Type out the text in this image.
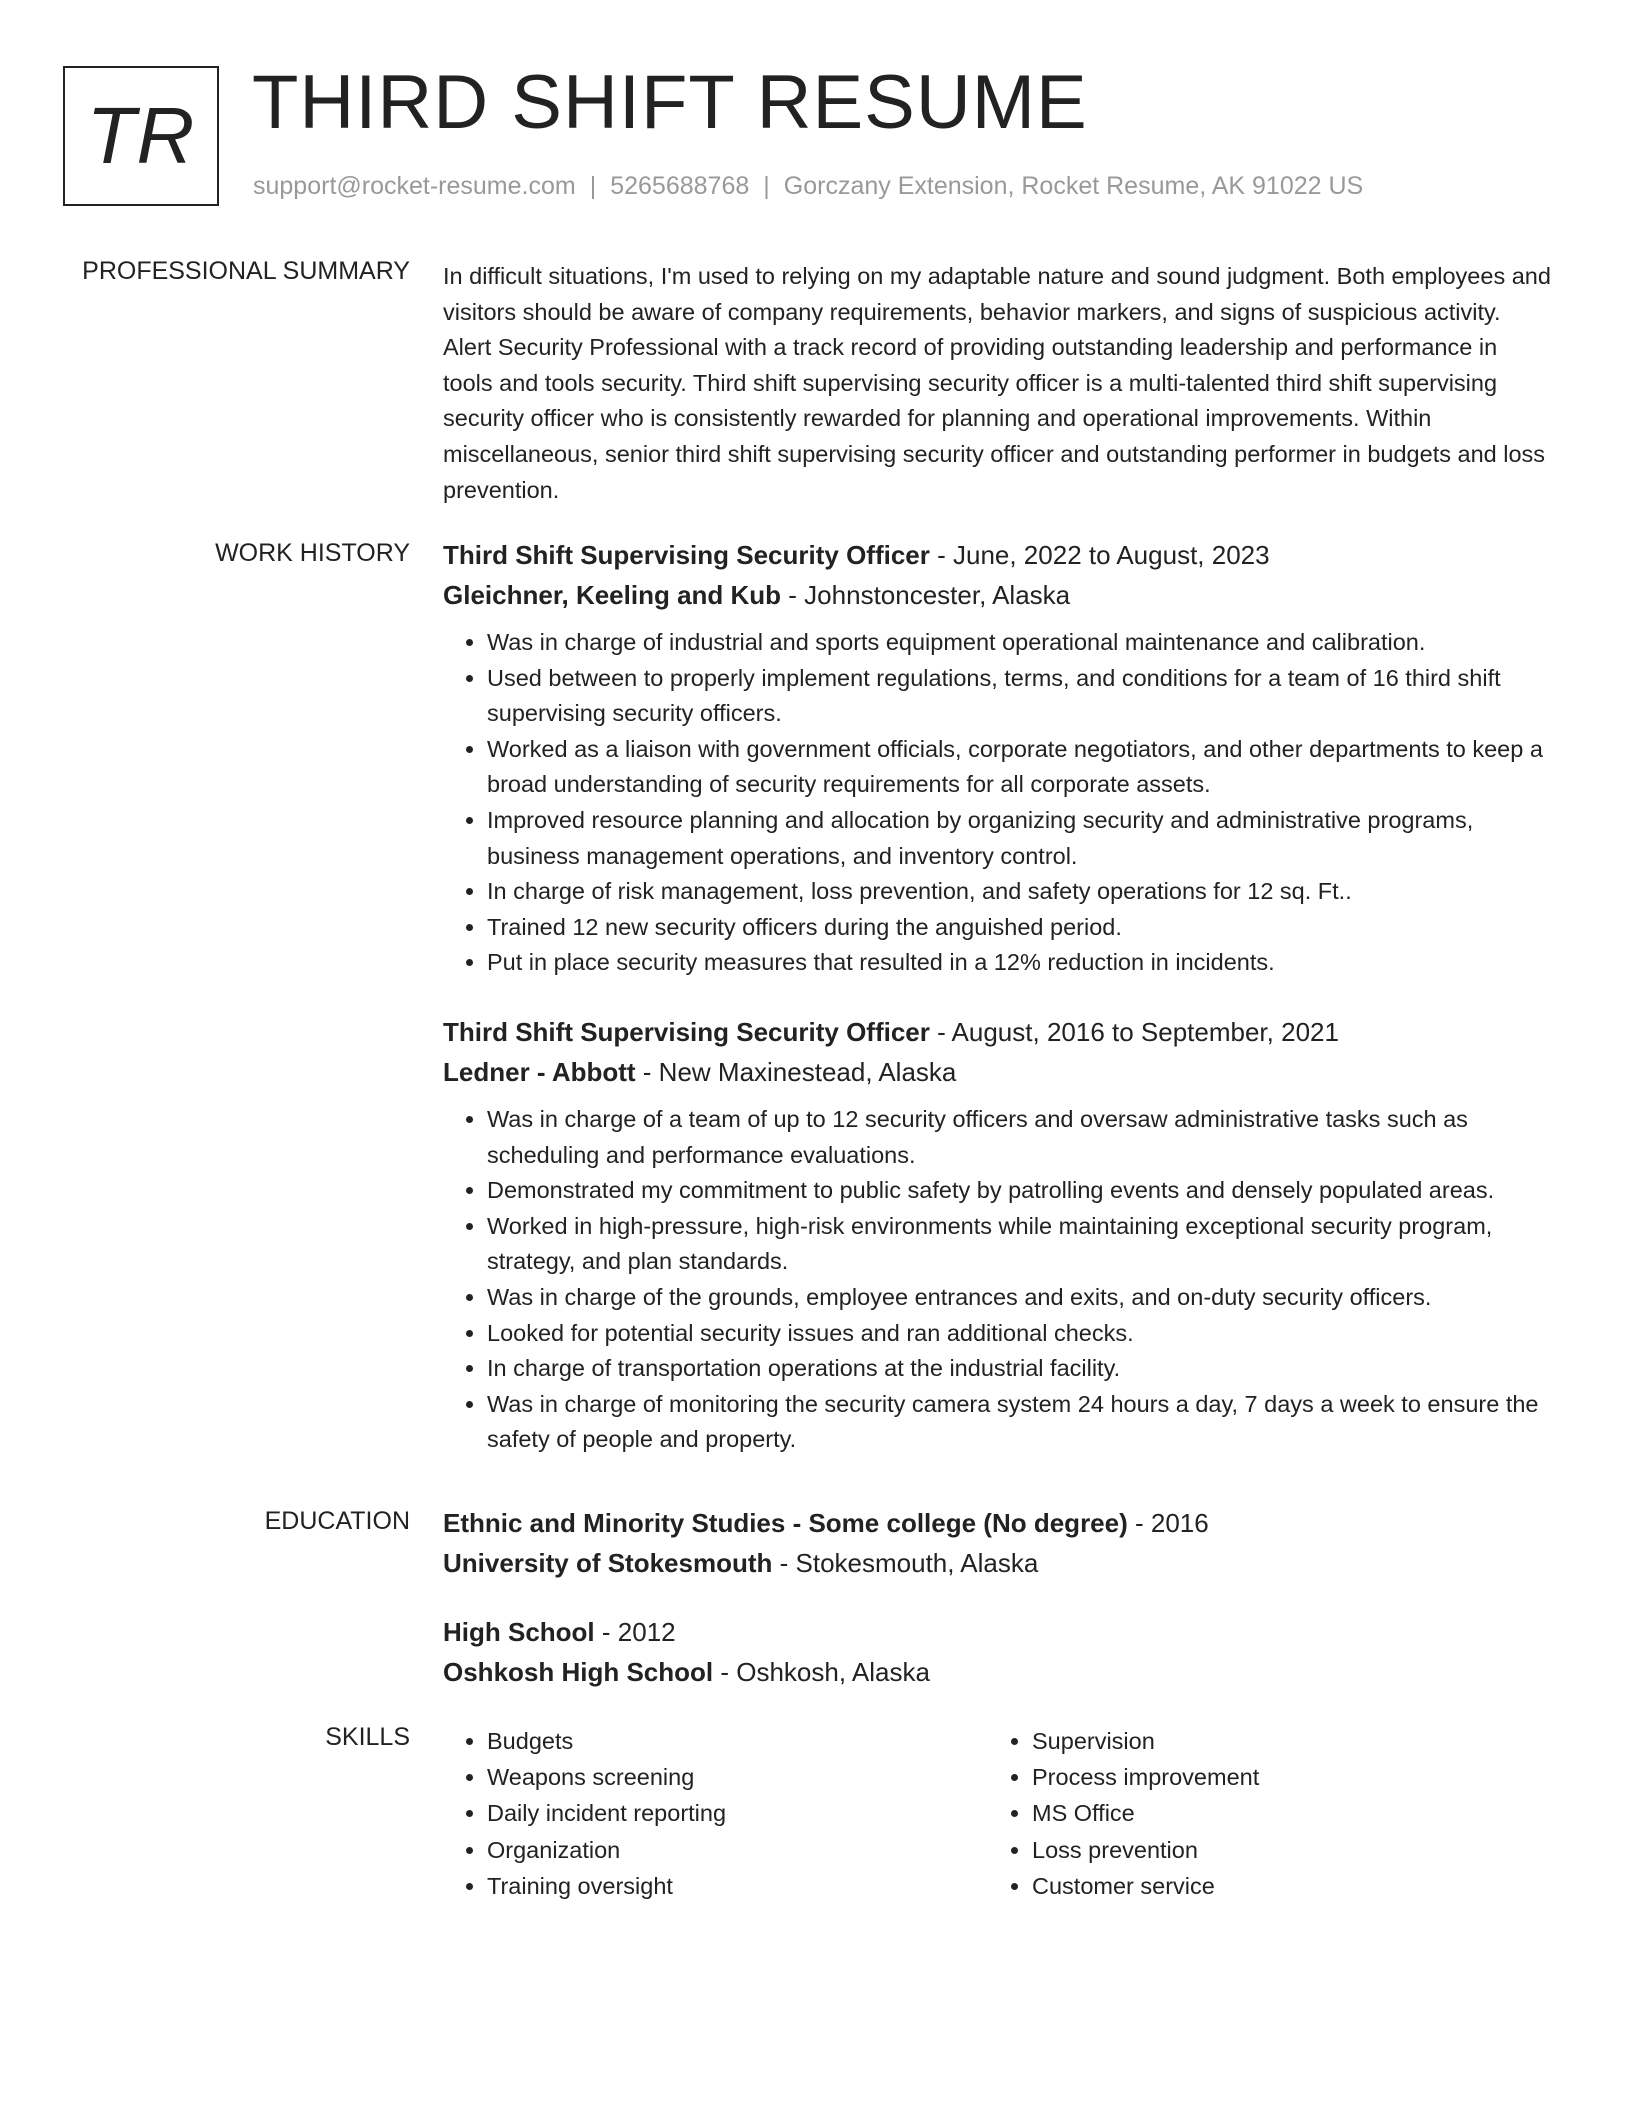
TR THIRD SHIFT RESUME
support@rocket-resume.com | 5265688768 | Gorczany Extension, Rocket Resume, AK 91022 US
PROFESSIONAL SUMMARY In difficult situations, I'm used to relying on my adaptable nature and sound judgment. Both employees and visitors should be aware of company requirements, behavior markers, and signs of suspicious activity. Alert Security Professional with a track record of providing outstanding leadership and performance in tools and tools security. Third shift supervising security officer is a multi-talented third shift supervising security officer who is consistently rewarded for planning and operational improvements. Within miscellaneous, senior third shift supervising security officer and outstanding performer in budgets and loss prevention.

WORK HISTORY Third Shift Supervising Security Officer - June, 2022 to August, 2023
Gleichner, Keeling and Kub - Johnstoncester, Alaska
• Was in charge of industrial and sports equipment operational maintenance and calibration.
• Used between to properly implement regulations, terms, and conditions for a team of 16 third shift supervising security officers.
• Worked as a liaison with government officials, corporate negotiators, and other departments to keep a broad understanding of security requirements for all corporate assets.
• Improved resource planning and allocation by organizing security and administrative programs, business management operations, and inventory control.
• In charge of risk management, loss prevention, and safety operations for 12 sq. Ft..
• Trained 12 new security officers during the anguished period.
• Put in place security measures that resulted in a 12% reduction in incidents.
Third Shift Supervising Security Officer - August, 2016 to September, 2021
Ledner - Abbott - New Maxinestead, Alaska
• Was in charge of a team of up to 12 security officers and oversaw administrative tasks such as scheduling and performance evaluations.
• Demonstrated my commitment to public safety by patrolling events and densely populated areas.
• Worked in high-pressure, high-risk environments while maintaining exceptional security program, strategy, and plan standards.
• Was in charge of the grounds, employee entrances and exits, and on-duty security officers.
• Looked for potential security issues and ran additional checks.
• In charge of transportation operations at the industrial facility.
• Was in charge of monitoring the security camera system 24 hours a day, 7 days a week to ensure the safety of people and property.
EDUCATION Ethnic and Minority Studies - Some college (No degree) - 2016
University of Stokesmouth - Stokesmouth, Alaska
High School - 2012
Oshkosh High School - Oshkosh, Alaska
SKILLS
•	Budgets
• Weapons screening
• Daily incident reporting
• Organization
• Training oversight
• Supervision
• Process improvement
• MS Office
• Loss prevention
• Customer service
